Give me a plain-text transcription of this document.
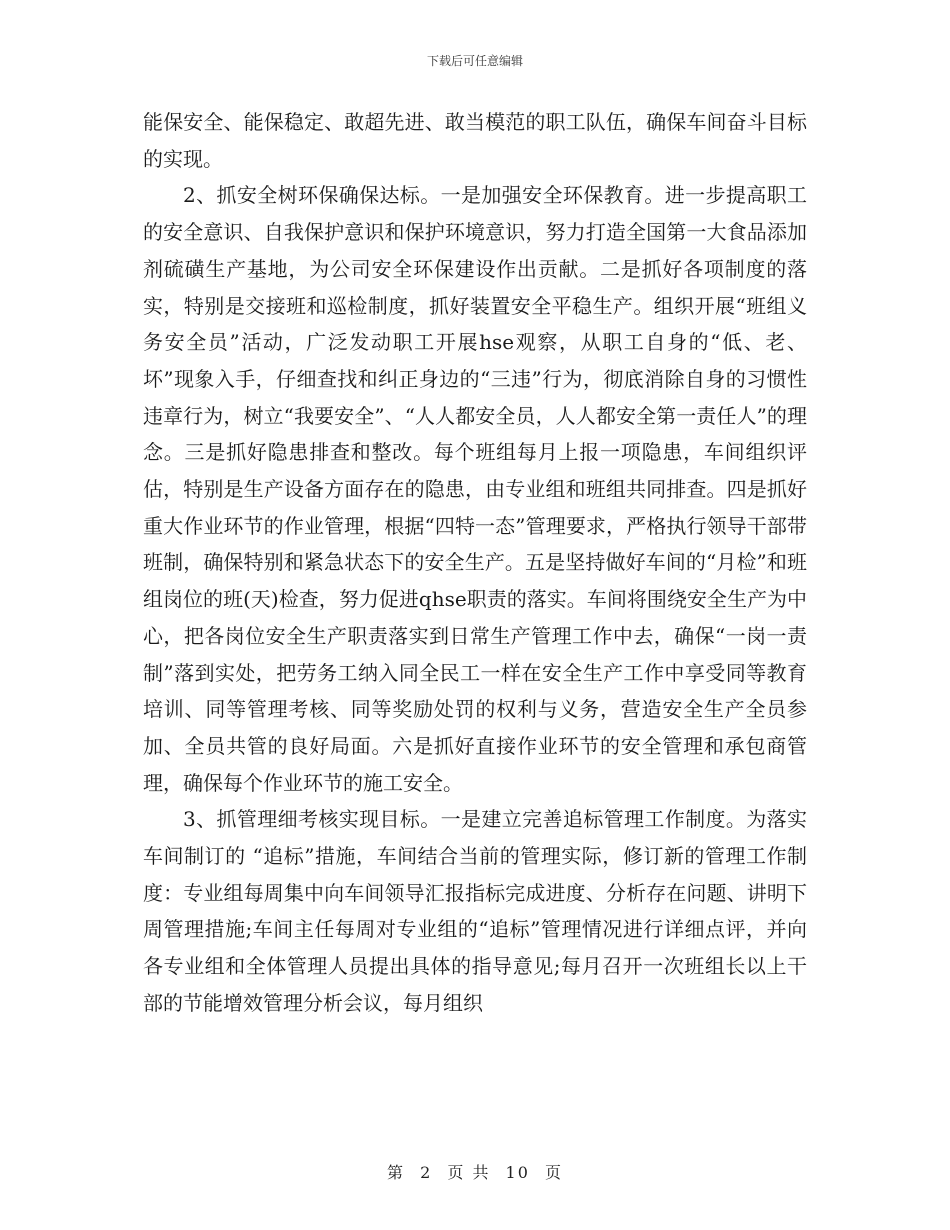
下载后可任意编辑

能保安全、能保稳定、敢超先进、敢当模范的职工队伍，确保车间奋斗目标的实现。

2、抓安全树环保确保达标。一是加强安全环保教育。进一步提高职工的安全意识、自我保护意识和保护环境意识，努力打造全国第一大食品添加剂硫磺生产基地，为公司安全环保建设作出贡献。二是抓好各项制度的落实，特别是交接班和巡检制度，抓好装置安全平稳生产。组织开展“班组义务安全员”活动，广泛发动职工开展hse观察，从职工自身的“低、老、坏”现象入手，仔细查找和纠正身边的“三违”行为，彻底消除自身的习惯性违章行为，树立“我要安全”、“人人都安全员，人人都安全第一责任人”的理念。三是抓好隐患排查和整改。每个班组每月上报一项隐患，车间组织评估，特别是生产设备方面存在的隐患，由专业组和班组共同排查。四是抓好重大作业环节的作业管理，根据“四特一态”管理要求，严格执行领导干部带班制，确保特别和紧急状态下的安全生产。五是坚持做好车间的“月检”和班组岗位的班(天)检查，努力促进qhse职责的落实。车间将围绕安全生产为中心，把各岗位安全生产职责落实到日常生产管理工作中去，确保“一岗一责制”落到实处，把劳务工纳入同全民工一样在安全生产工作中享受同等教育培训、同等管理考核、同等奖励处罚的权利与义务，营造安全生产全员参加、全员共管的良好局面。六是抓好直接作业环节的安全管理和承包商管理，确保每个作业环节的施工安全。

3、抓管理细考核实现目标。一是建立完善追标管理工作制度。为落实车间制订的 “追标”措施，车间结合当前的管理实际，修订新的管理工作制度：专业组每周集中向车间领导汇报指标完成进度、分析存在问题、讲明下周管理措施;车间主任每周对专业组的“追标”管理情况进行详细点评，并向各专业组和全体管理人员提出具体的指导意见;每月召开一次班组长以上干部的节能增效管理分析会议，每月组织

第 2 页 共 10 页
